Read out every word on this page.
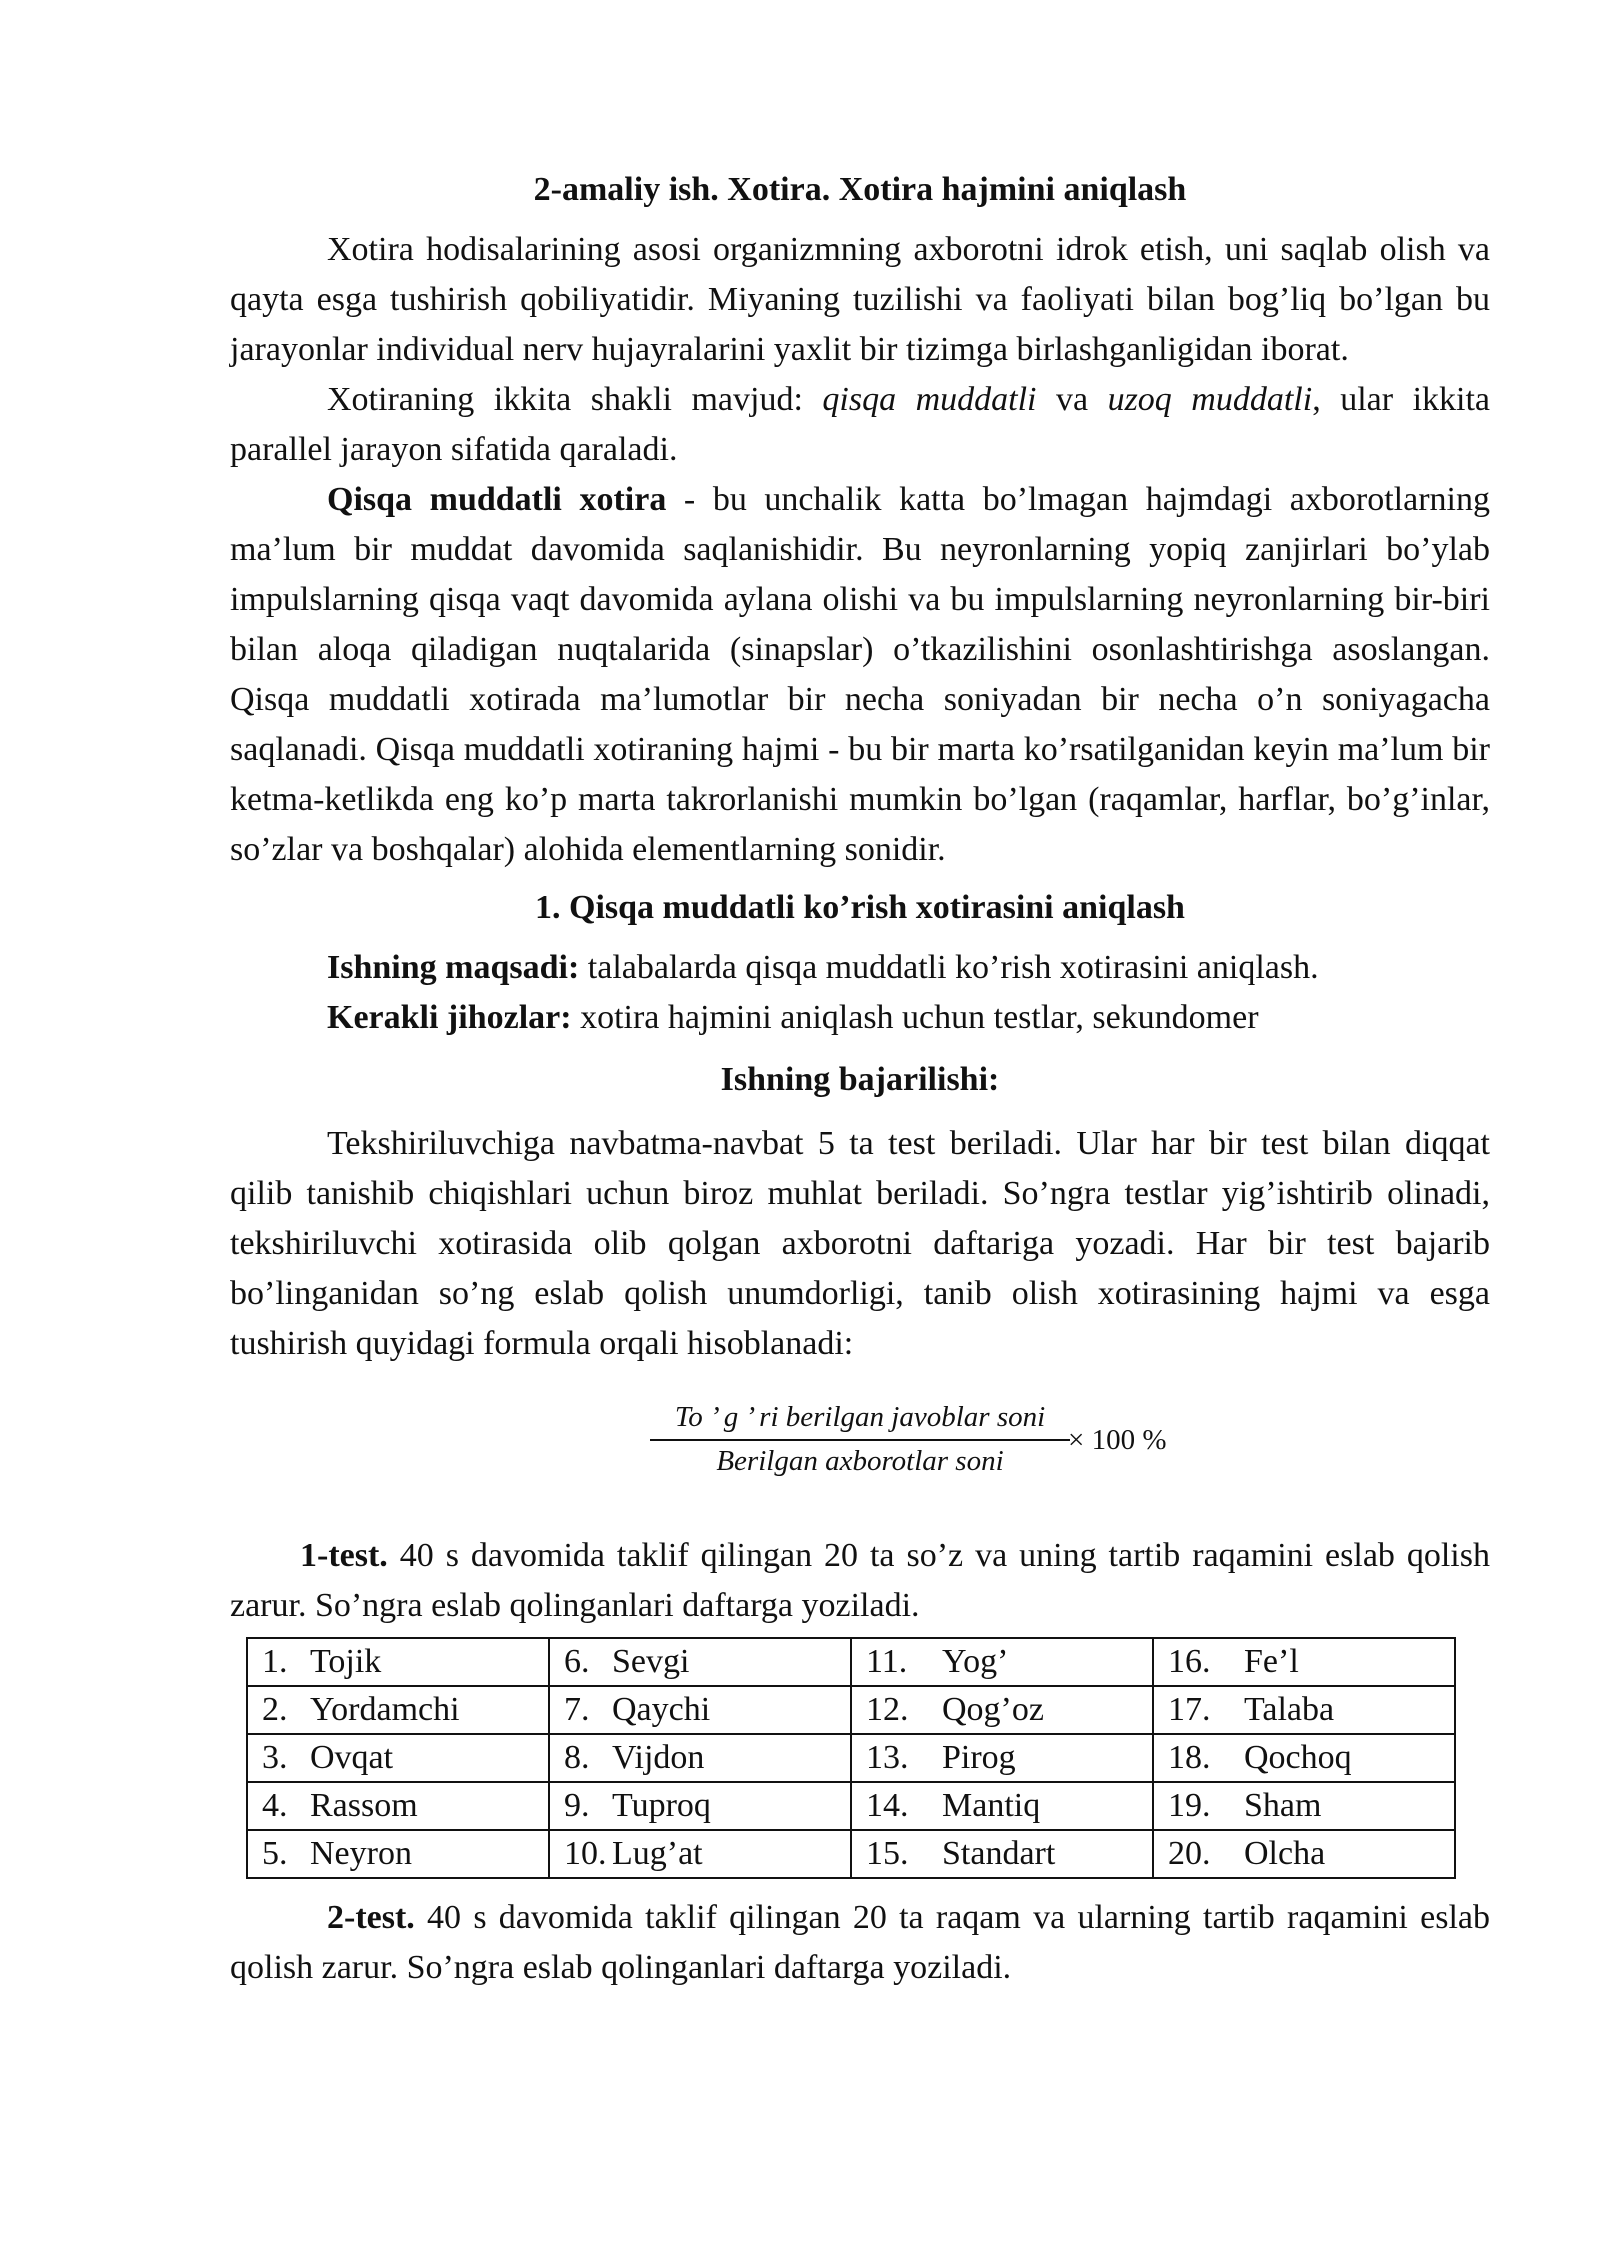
2-amaliy ish. Xotira. Xotira hajmini aniqlash

Xotira hodisalarining asosi organizmning axborotni idrok etish, uni saqlab olish va qayta esga tushirish qobiliyatidir. Miyaning tuzilishi va faoliyati bilan bog’liq bo’lgan bu jarayonlar individual nerv hujayralarini yaxlit bir tizimga birlashganligidan iborat.

Xotiraning ikkita shakli mavjud: qisqa muddatli va uzoq muddatli, ular ikkita parallel jarayon sifatida qaraladi.

Qisqa muddatli xotira - bu unchalik katta bo’lmagan hajmdagi axborotlarning ma’lum bir muddat davomida saqlanishidir. Bu neyronlarning yopiq zanjirlari bo’ylab impulslarning qisqa vaqt davomida aylana olishi va bu impulslarning neyronlarning bir-biri bilan aloqa qiladigan nuqtalarida (sinapslar) o’tkazilishini osonlashtirishga asoslangan. Qisqa muddatli xotirada ma’lumotlar bir necha soniyadan bir necha o’n soniyagacha saqlanadi. Qisqa muddatli xotiraning hajmi - bu bir marta ko’rsatilganidan keyin ma’lum bir ketma-ketlikda eng ko’p marta takrorlanishi mumkin bo’lgan (raqamlar, harflar, bo’g’inlar, so’zlar va boshqalar) alohida elementlarning sonidir.

1. Qisqa muddatli ko’rish xotirasini aniqlash

Ishning maqsadi: talabalarda qisqa muddatli ko’rish xotirasini aniqlash.

Kerakli jihozlar: xotira hajmini aniqlash uchun testlar, sekundomer

Ishning bajarilishi:

Tekshiriluvchiga navbatma-navbat 5 ta test beriladi. Ular har bir test bilan diqqat qilib tanishib chiqishlari uchun biroz muhlat beriladi. So’ngra testlar yig’ishtirib olinadi, tekshiriluvchi xotirasida olib qolgan axborotni daftariga yozadi. Har bir test bajarib bo’linganidan so’ng eslab qolish unumdorligi, tanib olish xotirasining hajmi va esga tushirish quyidagi formula orqali hisoblanadi:

To ’ g ’ ri berilgan javoblar soni
Berilgan axborotlar soni
× 100 %

1-test. 40 s davomida taklif qilingan 20 ta so’z va uning tartib raqamini eslab qolish zarur. So’ngra eslab qolinganlari daftarga yoziladi.

1. Tojik	6. Sevgi	11. Yog’	16. Fe’l
2. Yordamchi	7. Qaychi	12. Qog’oz	17. Talaba
3. Ovqat	8. Vijdon	13. Pirog	18. Qochoq
4. Rassom	9. Tuproq	14. Mantiq	19. Sham
5. Neyron	10. Lug’at	15. Standart	20. Olcha

2-test. 40 s davomida taklif qilingan 20 ta raqam va ularning tartib raqamini eslab qolish zarur. So’ngra eslab qolinganlari daftarga yoziladi.
